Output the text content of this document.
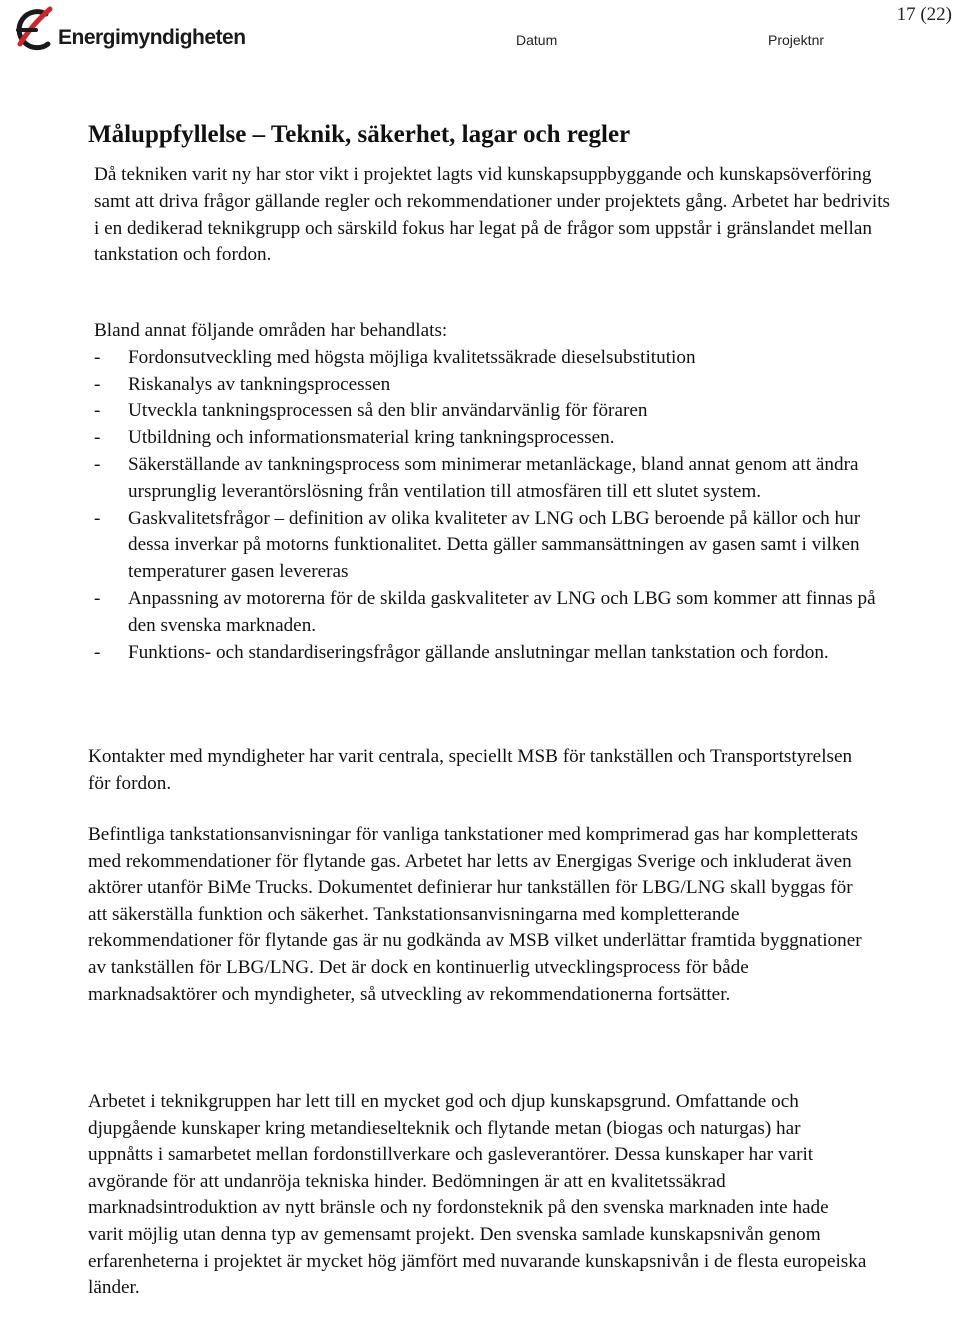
Energimyndigheten	Datum	Projektnr
17 (22)
Måluppfyllelse – Teknik, säkerhet, lagar och regler

Då tekniken varit ny har stor vikt i projektet lagts vid kunskapsuppbyggande och kunskapsöverföring samt att driva frågor gällande regler och rekommendationer under projektets gång. Arbetet har bedrivits i en dedikerad teknikgrupp och särskild fokus har legat på de frågor som uppstår i gränslandet mellan tankstation och fordon.

Bland annat följande områden har behandlats:

- Fordonsutveckling med högsta möjliga kvalitetssäkrade dieselsubstitution
- Riskanalys av tankningsprocessen
- Utveckla tankningsprocessen så den blir användarvänlig för föraren
- Utbildning och informationsmaterial kring tankningsprocessen.
- Säkerställande av tankningsprocess som minimerar metanläckage, bland annat genom att ändra ursprunglig leverantörslösning från ventilation till atmosfären till ett slutet system.
- Gaskvalitetsfrågor – definition av olika kvaliteter av LNG och LBG beroende på källor och hur dessa inverkar på motorns funktionalitet. Detta gäller sammansättningen av gasen samt i vilken temperaturer gasen levereras
- Anpassning av motorerna för de skilda gaskvaliteter av LNG och LBG som kommer att finnas på den svenska marknaden.
- Funktions- och standardiseringsfrågor gällande anslutningar mellan tankstation och fordon.

Kontakter med myndigheter har varit centrala, speciellt MSB för tankställen och Transportstyrelsen för fordon.

Befintliga tankstationsanvisningar för vanliga tankstationer med komprimerad gas har kompletterats med rekommendationer för flytande gas. Arbetet har letts av Energigas Sverige och inkluderat även aktörer utanför BiMe Trucks. Dokumentet definierar hur tankställen för LBG/LNG skall byggas för att säkerställa funktion och säkerhet. Tankstationsanvisningarna med kompletterande rekommendationer för flytande gas är nu godkända av MSB vilket underlättar framtida byggnationer av tankställen för LBG/LNG. Det är dock en kontinuerlig utvecklingsprocess för både marknadsaktörer och myndigheter, så utveckling av rekommendationerna fortsätter.

Arbetet i teknikgruppen har lett till en mycket god och djup kunskapsgrund. Omfattande och djupgående kunskaper kring metandieselteknik och flytande metan (biogas och naturgas) har uppnåtts i samarbetet mellan fordonstillverkare och gasleverantörer. Dessa kunskaper har varit avgörande för att undanröja tekniska hinder. Bedömningen är att en kvalitetssäkrad marknadsintroduktion av nytt bränsle och ny fordonsteknik på den svenska marknaden inte hade varit möjlig utan denna typ av gemensamt projekt. Den svenska samlade kunskapsnivån genom erfarenheterna i projektet är mycket hög jämfört med nuvarande kunskapsnivån i de flesta europeiska länder.
